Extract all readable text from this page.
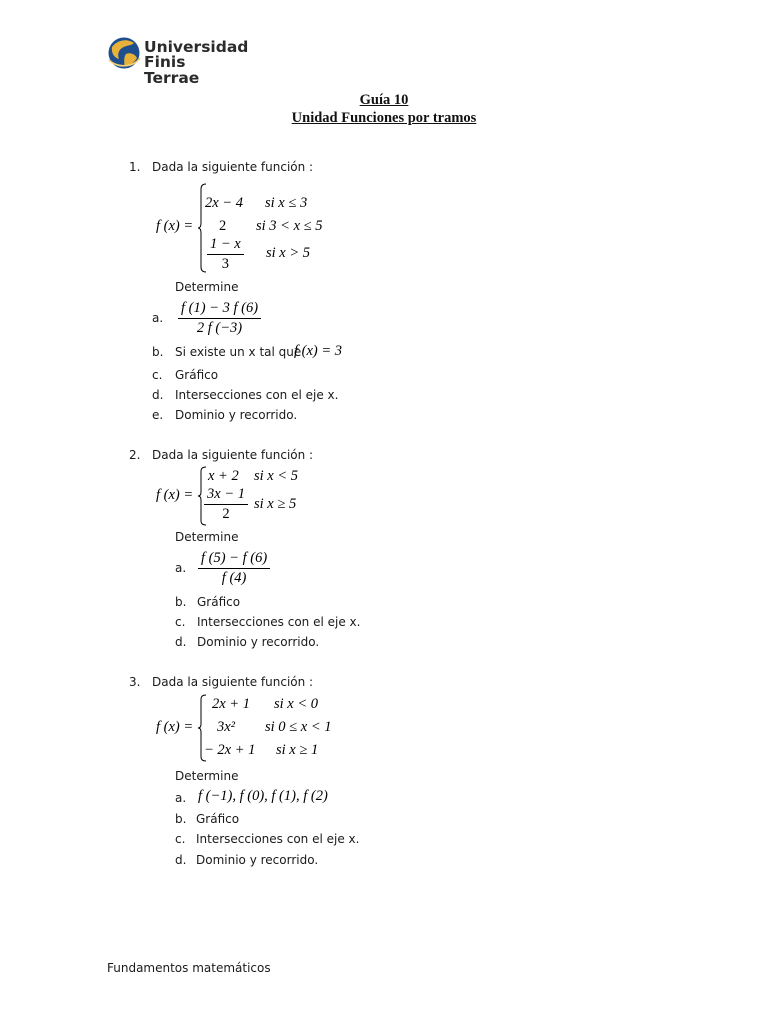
Universidad
Finis Terrae
Guía 10
Unidad Funciones por tramos
1. Dada la siguiente función :
f (x) =
2x − 4 si x ≤ 3
2 si 3 < x ≤ 5
$\frac{1 - x}{3}$ si x > 5
Determine
a. $\frac{f (1) - 3 f (6)}{2 f (-3)}$
b. Si existe un x tal que
f (x) = 3
c. Gráfico
d. Intersecciones con el eje x.
e. Dominio y recorrido.
2. Dada la siguiente función :
f (x) =
x + 2 si x < 5
$\frac{3x - 1}{2}$ si x ≥ 5
Determine
a. $\frac{f (5) - f (6)}{f (4)}$
b. Gráfico
c. Intersecciones con el eje x.
d. Dominio y recorrido.
3. Dada la siguiente función :
f (x) =
2x + 1 si x < 0
3x² si 0 ≤ x < 1
− 2x + 1 si x ≥ 1
Determine
a. f (−1), f (0), f (1), f (2)
b. Gráfico
c. Intersecciones con el eje x.
d. Dominio y recorrido.
Fundamentos matemáticos
